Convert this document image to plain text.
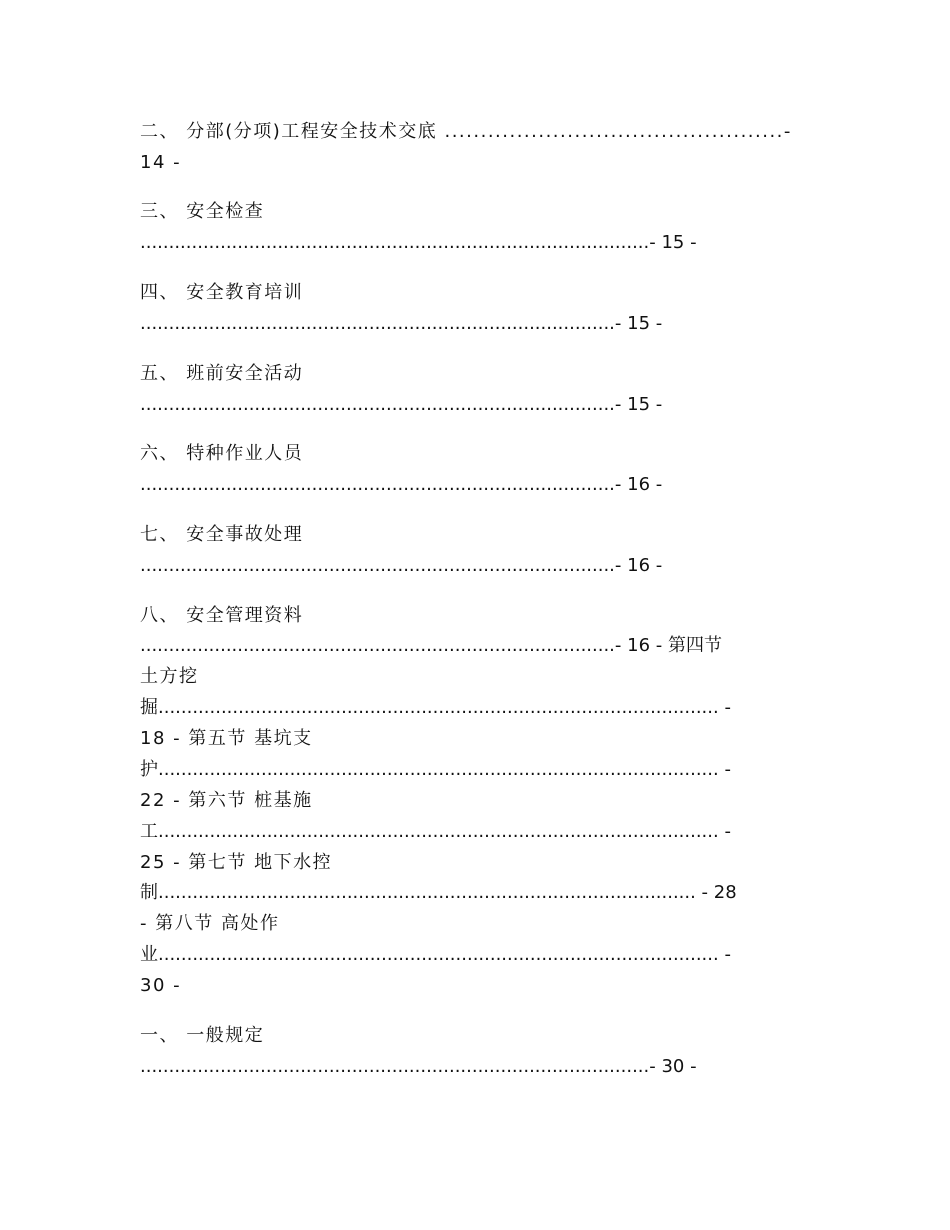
二、 分部(分项)工程安全技术交底 ...............................................-
14 -
三、 安全检查
.........................................................................................- 15 -
四、 安全教育培训
...................................................................................- 15 -
五、 班前安全活动
...................................................................................- 15 -
六、 特种作业人员
...................................................................................- 16 -
七、 安全事故处理
...................................................................................- 16 -
八、 安全管理资料
...................................................................................- 16 - 第四节
土方挖
掘.................................................................................................. -
18 - 第五节 基坑支
护.................................................................................................. -
22 - 第六节 桩基施
工.................................................................................................. -
25 - 第七节 地下水控
制.............................................................................................. - 28
- 第八节 高处作
业.................................................................................................. -
30 -
一、 一般规定
.........................................................................................- 30 -
